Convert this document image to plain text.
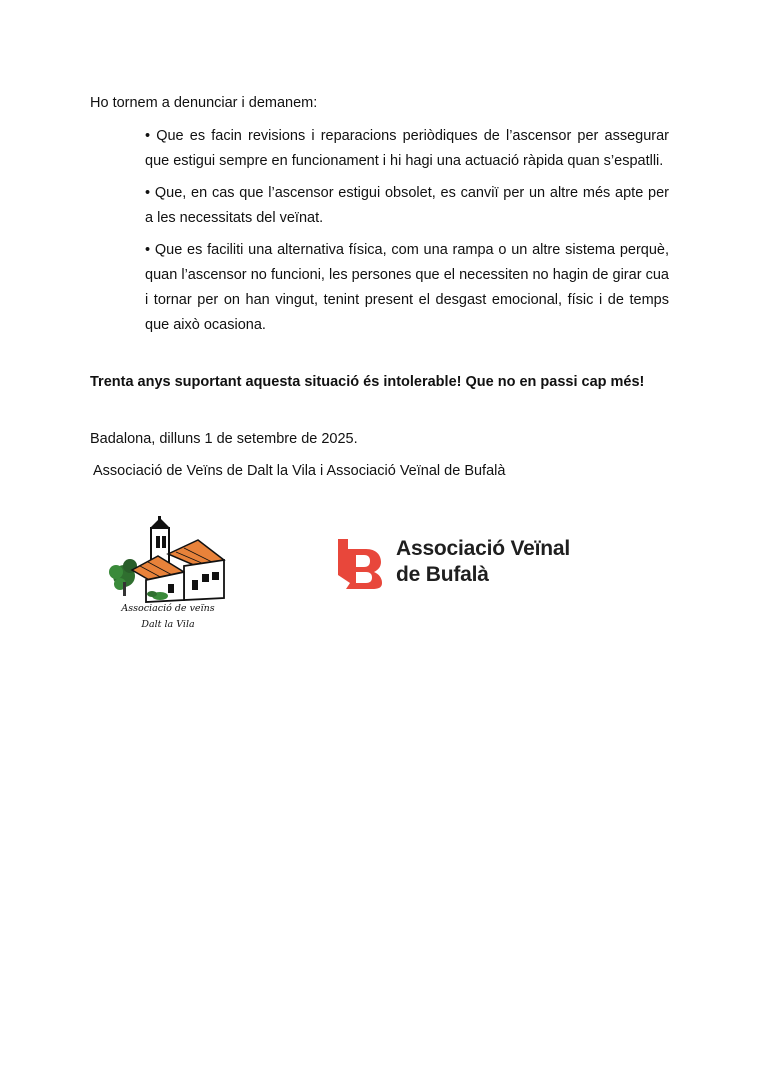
Ho tornem a denunciar i demanem:

• Que es facin revisions i reparacions periòdiques de l’ascensor per assegurar que estigui sempre en funcionament i hi hagi una actuació ràpida quan s’espatlli.

• Que, en cas que l’ascensor estigui obsolet, es canviï per un altre més apte per a les necessitats del veïnat.

• Que es faciliti una alternativa física, com una rampa o un altre sistema perquè, quan l’ascensor no funcioni, les persones que el necessiten no hagin de girar cua i tornar per on han vingut, tenint present el desgast emocional, físic i de temps que això ocasiona.

Trenta anys suportant aquesta situació és intolerable! Que no en passi cap més!
Badalona, dilluns 1 de setembre de 2025.
Associació de Veïns de Dalt la Vila i Associació Veïnal de Bufalà
Associació de veïns
Dalt la Vila
Associació Veïnal
de Bufalà
